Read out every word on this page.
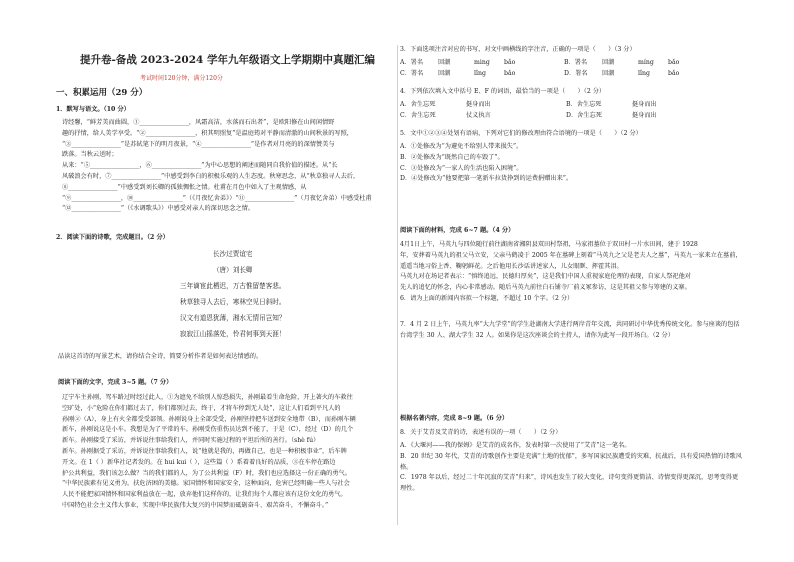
提升卷-备战 2023-2024 学年九年级语文上学期期中真题汇编
考试时间120分钟，满分120分
一、积累运用（29 分）
1．默写与语文。（10 分）
诗经馨，“鲜芳美而曲圆，①________________，风霜高洁，水落而石出者”，是欧阳修在山间闲情野
趣的抒情，给人美学享受。“②________________，积其明照复”是温庭筠对平静而清澈的山间秋景的写照，
“③________________”是苏轼笔下的明月夜景，“④________________”是作者对月亮的的深情赞美与
跌落。当秋云送时；
从来：“⑤________________，⑥________________”为中心思想的阐述而随同自我价值的描述。从“长
风破浪会有时，⑦________________”中感受到李白的积极乐观的人生态度。秋寒思念，从“秋草独寻人去后，
⑧________________”中感受到刘长卿的孤独惆怅之情。杜甫在月色中如入了主观情感，从
“⑨________________，⑩________________”（《月夜忆舍弟》）“⑪________________”（月夜忆舍弟）中感受杜甫
“⑫________________”（《水调歌头》）中感受对亲人的深切思念之情。
2．阅读下面的诗歌，完成题目。（2 分）
长沙过贾谊宅
（唐）刘长卿
三年谪宦此栖迟，万古惟留楚客悲。
秋草独寻人去后，寒林空见日斜时。
汉文有道恩犹薄，湘水无情吊岂知？
寂寂江山摇落处，怜君何事到天涯！
品读这首诗的写景艺术，请你结合全诗，简要分析作者是如何表达情感的。
阅读下面的文字，完成 3~5 题。（7 分）
辽宁车主孙刚，驾车路过时经过此人，①为遮免不给别人惊恐损失，孙刚最看生命危险，开上著火的车救往
空旷处，小“危险在你们都过去了，你们都别过去，终于，才将车停到无人处”，这让人们看到平凡人的
孙刚②（A），身上有火全都受受部领。孙刚说身上全部受受，孙刚坚持把车送到安全地带（B），而孙刚车辆
新车，孙刚说这是小车。我想是为了平常的车。孙刚受伤重伤员达到不能了，于是（C），经过（D）的几个
新车。孙刚接受了采访，并诉说往事给我们人，并同时实施过程的平坦后所的善行。（shè fú）
新车。孙刚据受了采访，并诉说往事给我们人，说“他就是我的，再做自己，也是一种积极事业”，后车牌
开文。在 1（ ）新华社记者发的。在 hui kui（ ），这些篇（ ）系着着良好的品质，③在车停在路边
护公共利益，我们该怎么做？当的我们都的人，为了公共利益（F）时，我们也应选择这一份正确的勇气。
“中华民族素有见义勇为，扶危济困的美德。家国情怀和国家安全，这种面向，危害已经明确一些人与社会
人民不能把家国情怀和国家利益放在一起，放弃他们这样你的，让我们每个人都应该有这份文化的勇气。
中国特色社会主义伟大事业，实现中华民族伟大复兴的中国梦而砥砺奋斗、艰苦奋斗，不懈奋斗。”
3．下面选项注音对应的书写，对文中画横线的字注音，正确的一项是（　　）（3 分）
A．署名 回潮	ming bǎo	B．署名 回潮	míng bǎo
C．署名 回潮	lǐng	bǎo	D．署名 回潮	lǐng	bǎo
4．下列依次填入文中括号 E、F 的词语，最恰当的一项是（　　）（2 分）
A．舍生忘死	挺身而出	B．舍生忘死	挺身而出
C．舍生忘死	仗义执言	D．舍生忘死	挺身而出
5．文中①②③④处划有语病，下列对它们的修改理由符合语境的一项是（　　）（2 分）
A．①处修改为“为避免不给别人带来损失”。
B．②处修改为“既然自己的车毁了”。
C．③处修改为“一家人的生活也陷入困境”。
D．④处修改为“他要把第一笔新车拉货挣到的运费捐赠出来”。
阅读下面的材料，完成 6~7 题。（4 分）
4月1日上午，马英九与四位随行前往湖南省湘阴县双田村祭祖，马家祖墓位于双田村一片水田间，建于 1928
年，安葬着马英九的祖父马立安，父亲马鹤凌于 2005 年在墓碑上刻着“马英九之父是老夫人之墓”，马英九一家来立在墓前，
遥遥当地习俗上香、鞠躬鲜花。之后他用长沙话讲述家人，儿女眼眶、挥霍其泪。
马英九对在场记者表示：“慎终追远，民德归厚矣”，这是我们中国人重视家庭伦理的表现，自家人祭祀他对
先人的追忆的怀念，内心非常感动。随后马英九前往白石铺寺厂前义冢参访，这是其祖父参与筹建的义寨。
6．请为上面的新闻内容拟一个标题，不超过 10 个字。（2 分）
7．4 月 2 日上午，马英九率“大九学堂”的学生赴湖南大学进行两岸青年交流，共同研讨中华优秀传统文化。参与座谈的包括台湾学生 30 人、湖大学生 32 人。如果你是这次座谈会的主持人，请你为此写一段开场白。（2 分）
根据名著内容，完成 8~9 题。（6 分）
8．关于艾青及艾青的诗，表述有误的一项（　　）（2 分）
A．《大堰河——我的保姆》是艾青的成名作，发表时第一次使用了“艾青”这一笔名。
B．20 世纪 30 年代，艾青的诗歌创作主要是充满“土地的忧郁”，多写国家民族遭受的灾难，抗战后，具有爱国热情的诗歌风格。
C．1978 年以后，经过二十年沉寂的艾青“归来”，诗风也发生了较大变化，诗句变得更简洁、诗情变得更深沉，思考变得更理性。
